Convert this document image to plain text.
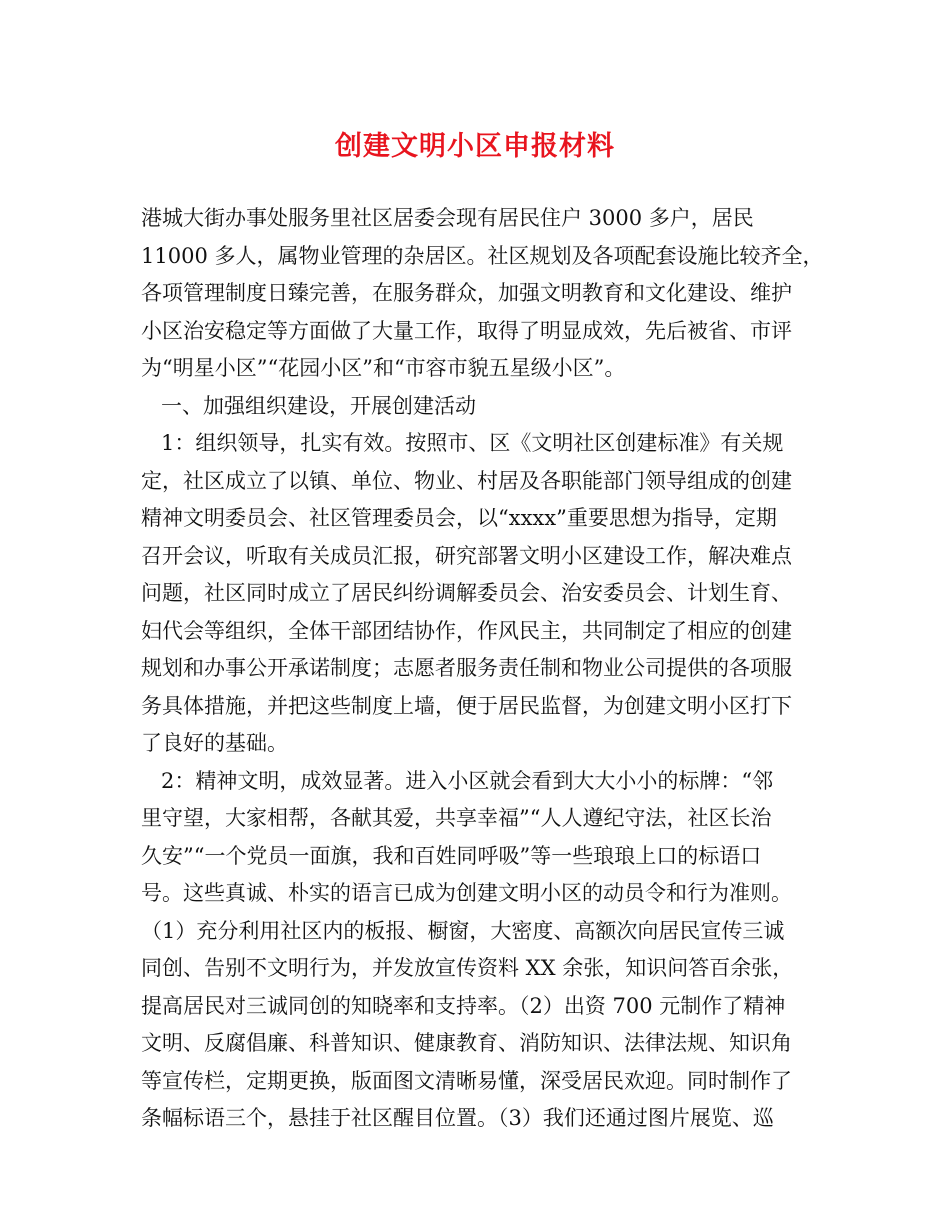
创建文明小区申报材料
港城大街办事处服务里社区居委会现有居民住户 3000 多户，居民
11000 多人，属物业管理的杂居区。社区规划及各项配套设施比较齐全，
各项管理制度日臻完善，在服务群众，加强文明教育和文化建设、维护
小区治安稳定等方面做了大量工作，取得了明显成效，先后被省、市评
为“明星小区”“花园小区”和“市容市貌五星级小区”。
一、加强组织建设，开展创建活动
1：组织领导，扎实有效。按照市、区《文明社区创建标准》有关规
定，社区成立了以镇、单位、物业、村居及各职能部门领导组成的创建
精神文明委员会、社区管理委员会，以“xxxx”重要思想为指导，定期
召开会议，听取有关成员汇报，研究部署文明小区建设工作，解决难点
问题，社区同时成立了居民纠纷调解委员会、治安委员会、计划生育、
妇代会等组织，全体干部团结协作，作风民主，共同制定了相应的创建
规划和办事公开承诺制度；志愿者服务责任制和物业公司提供的各项服
务具体措施，并把这些制度上墙，便于居民监督，为创建文明小区打下
了良好的基础。
2：精神文明，成效显著。进入小区就会看到大大小小的标牌：“邻
里守望，大家相帮，各献其爱，共享幸福”“人人遵纪守法，社区长治
久安”“一个党员一面旗，我和百姓同呼吸”等一些琅琅上口的标语口
号。这些真诚、朴实的语言已成为创建文明小区的动员令和行为准则。
（1）充分利用社区内的板报、橱窗，大密度、高额次向居民宣传三诚
同创、告别不文明行为，并发放宣传资料 XX 余张，知识问答百余张，
提高居民对三诚同创的知晓率和支持率。（2）出资 700 元制作了精神
文明、反腐倡廉、科普知识、健康教育、消防知识、法律法规、知识角
等宣传栏，定期更换，版面图文清晰易懂，深受居民欢迎。同时制作了
条幅标语三个，悬挂于社区醒目位置。（3）我们还通过图片展览、巡
